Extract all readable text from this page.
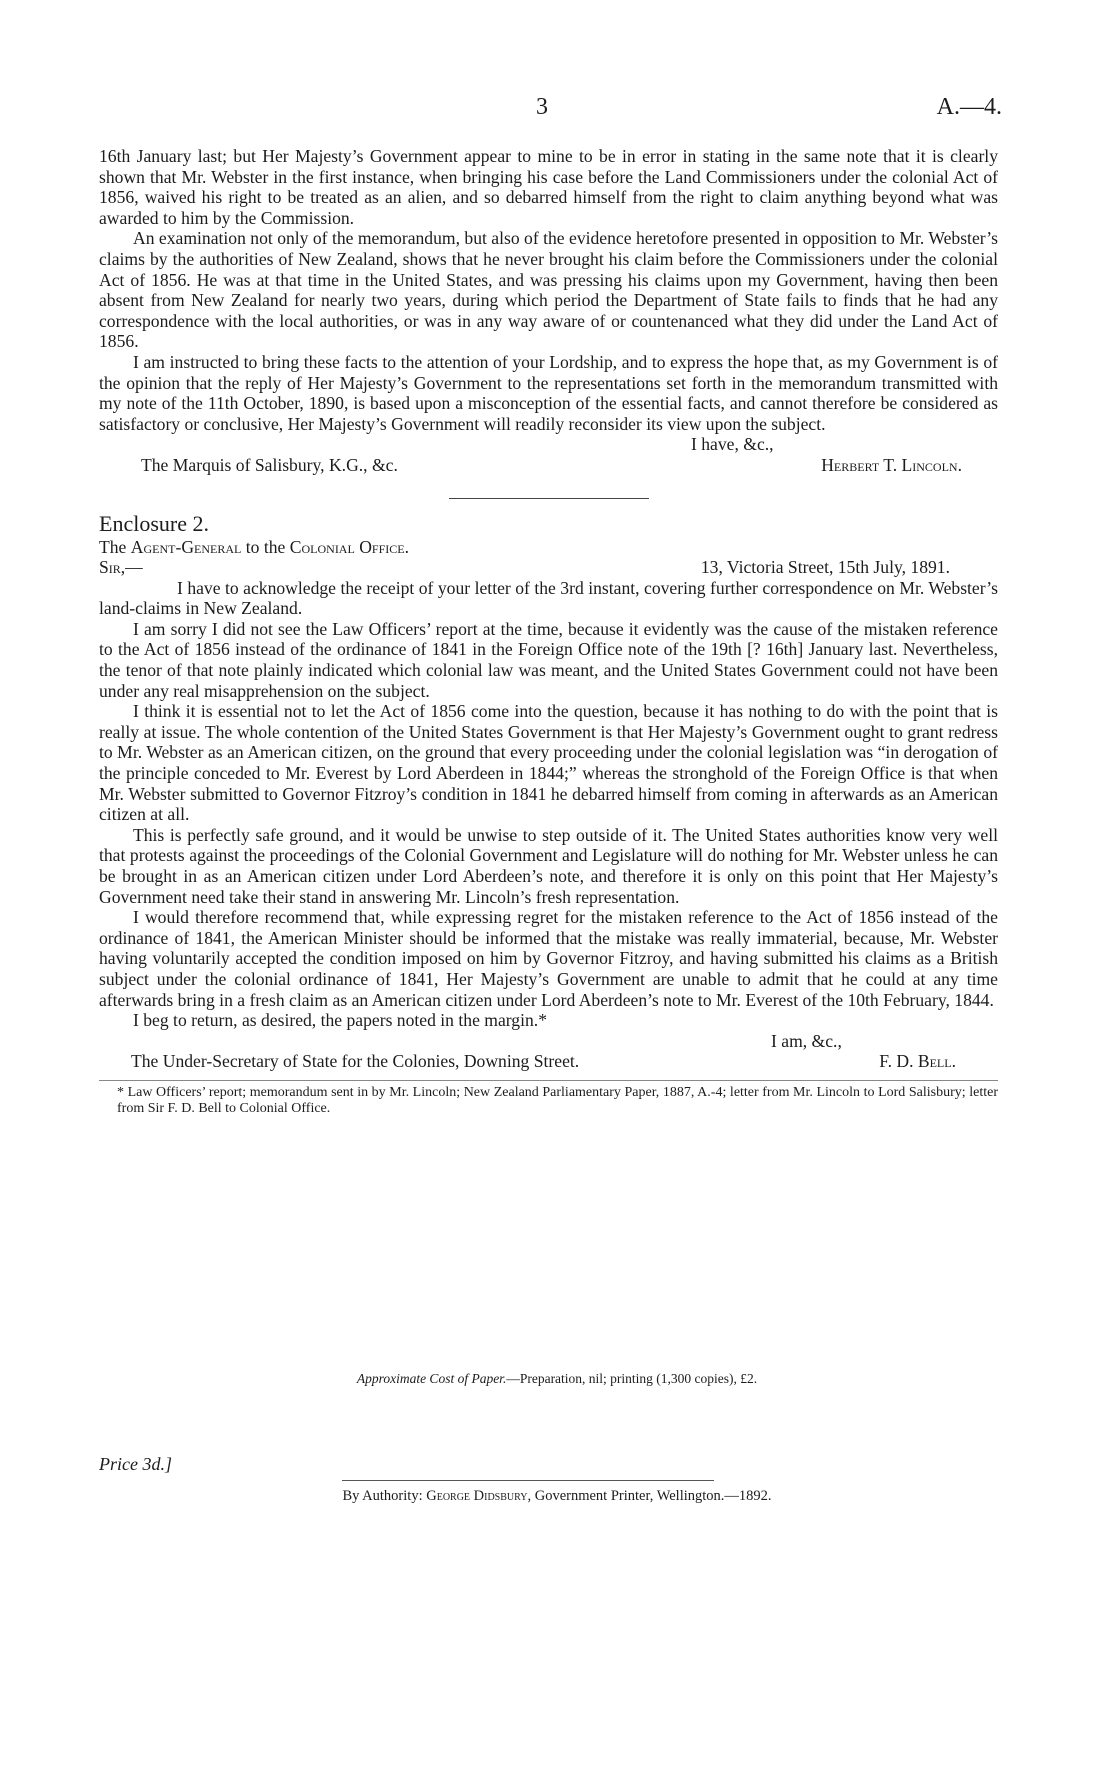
3	A.—4.

16th January last; but Her Majesty’s Government appear to mine to be in error in stating in the same note that it is clearly shown that Mr. Webster in the first instance, when bringing his case before the Land Commissioners under the colonial Act of 1856, waived his right to be treated as an alien, and so debarred himself from the right to claim anything beyond what was awarded to him by the Commission.

An examination not only of the memorandum, but also of the evidence heretofore presented in opposition to Mr. Webster’s claims by the authorities of New Zealand, shows that he never brought his claim before the Commissioners under the colonial Act of 1856. He was at that time in the United States, and was pressing his claims upon my Government, having then been absent from New Zealand for nearly two years, during which period the Department of State fails to finds that he had any correspondence with the local authorities, or was in any way aware of or countenanced what they did under the Land Act of 1856.

I am instructed to bring these facts to the attention of your Lordship, and to express the hope that, as my Government is of the opinion that the reply of Her Majesty’s Government to the representations set forth in the memorandum transmitted with my note of the 11th October, 1890, is based upon a misconception of the essential facts, and cannot therefore be considered as satisfactory or conclusive, Her Majesty’s Government will readily reconsider its view upon the subject.

I have, &c.,

The Marquis of Salisbury, K.G., &c.	Herbert T. Lincoln.

Enclosure 2.

The Agent-General to the Colonial Office.

Sir,—	13, Victoria Street, 15th July, 1891.

I have to acknowledge the receipt of your letter of the 3rd instant, covering further correspondence on Mr. Webster’s land-claims in New Zealand.

I am sorry I did not see the Law Officers’ report at the time, because it evidently was the cause of the mistaken reference to the Act of 1856 instead of the ordinance of 1841 in the Foreign Office note of the 19th [? 16th] January last. Nevertheless, the tenor of that note plainly indicated which colonial law was meant, and the United States Government could not have been under any real misapprehension on the subject.

I think it is essential not to let the Act of 1856 come into the question, because it has nothing to do with the point that is really at issue. The whole contention of the United States Government is that Her Majesty’s Government ought to grant redress to Mr. Webster as an American citizen, on the ground that every proceeding under the colonial legislation was “in derogation of the principle conceded to Mr. Everest by Lord Aberdeen in 1844;” whereas the stronghold of the Foreign Office is that when Mr. Webster submitted to Governor Fitzroy’s condition in 1841 he debarred himself from coming in afterwards as an American citizen at all.

This is perfectly safe ground, and it would be unwise to step outside of it. The United States authorities know very well that protests against the proceedings of the Colonial Government and Legislature will do nothing for Mr. Webster unless he can be brought in as an American citizen under Lord Aberdeen’s note, and therefore it is only on this point that Her Majesty’s Government need take their stand in answering Mr. Lincoln’s fresh representation.

I would therefore recommend that, while expressing regret for the mistaken reference to the Act of 1856 instead of the ordinance of 1841, the American Minister should be informed that the mistake was really immaterial, because, Mr. Webster having voluntarily accepted the condition imposed on him by Governor Fitzroy, and having submitted his claims as a British subject under the colonial ordinance of 1841, Her Majesty’s Government are unable to admit that he could at any time afterwards bring in a fresh claim as an American citizen under Lord Aberdeen’s note to Mr. Everest of the 10th February, 1844.

I beg to return, as desired, the papers noted in the margin.*

I am, &c.,

The Under-Secretary of State for the Colonies, Downing Street.	F. D. Bell.

* Law Officers’ report; memorandum sent in by Mr. Lincoln; New Zealand Parliamentary Paper, 1887, A.-4; letter from Mr. Lincoln to Lord Salisbury; letter from Sir F. D. Bell to Colonial Office.

Approximate Cost of Paper.—Preparation, nil; printing (1,300 copies), £2.
Price 3d.]
By Authority: George Didsbury, Government Printer, Wellington.—1892.
